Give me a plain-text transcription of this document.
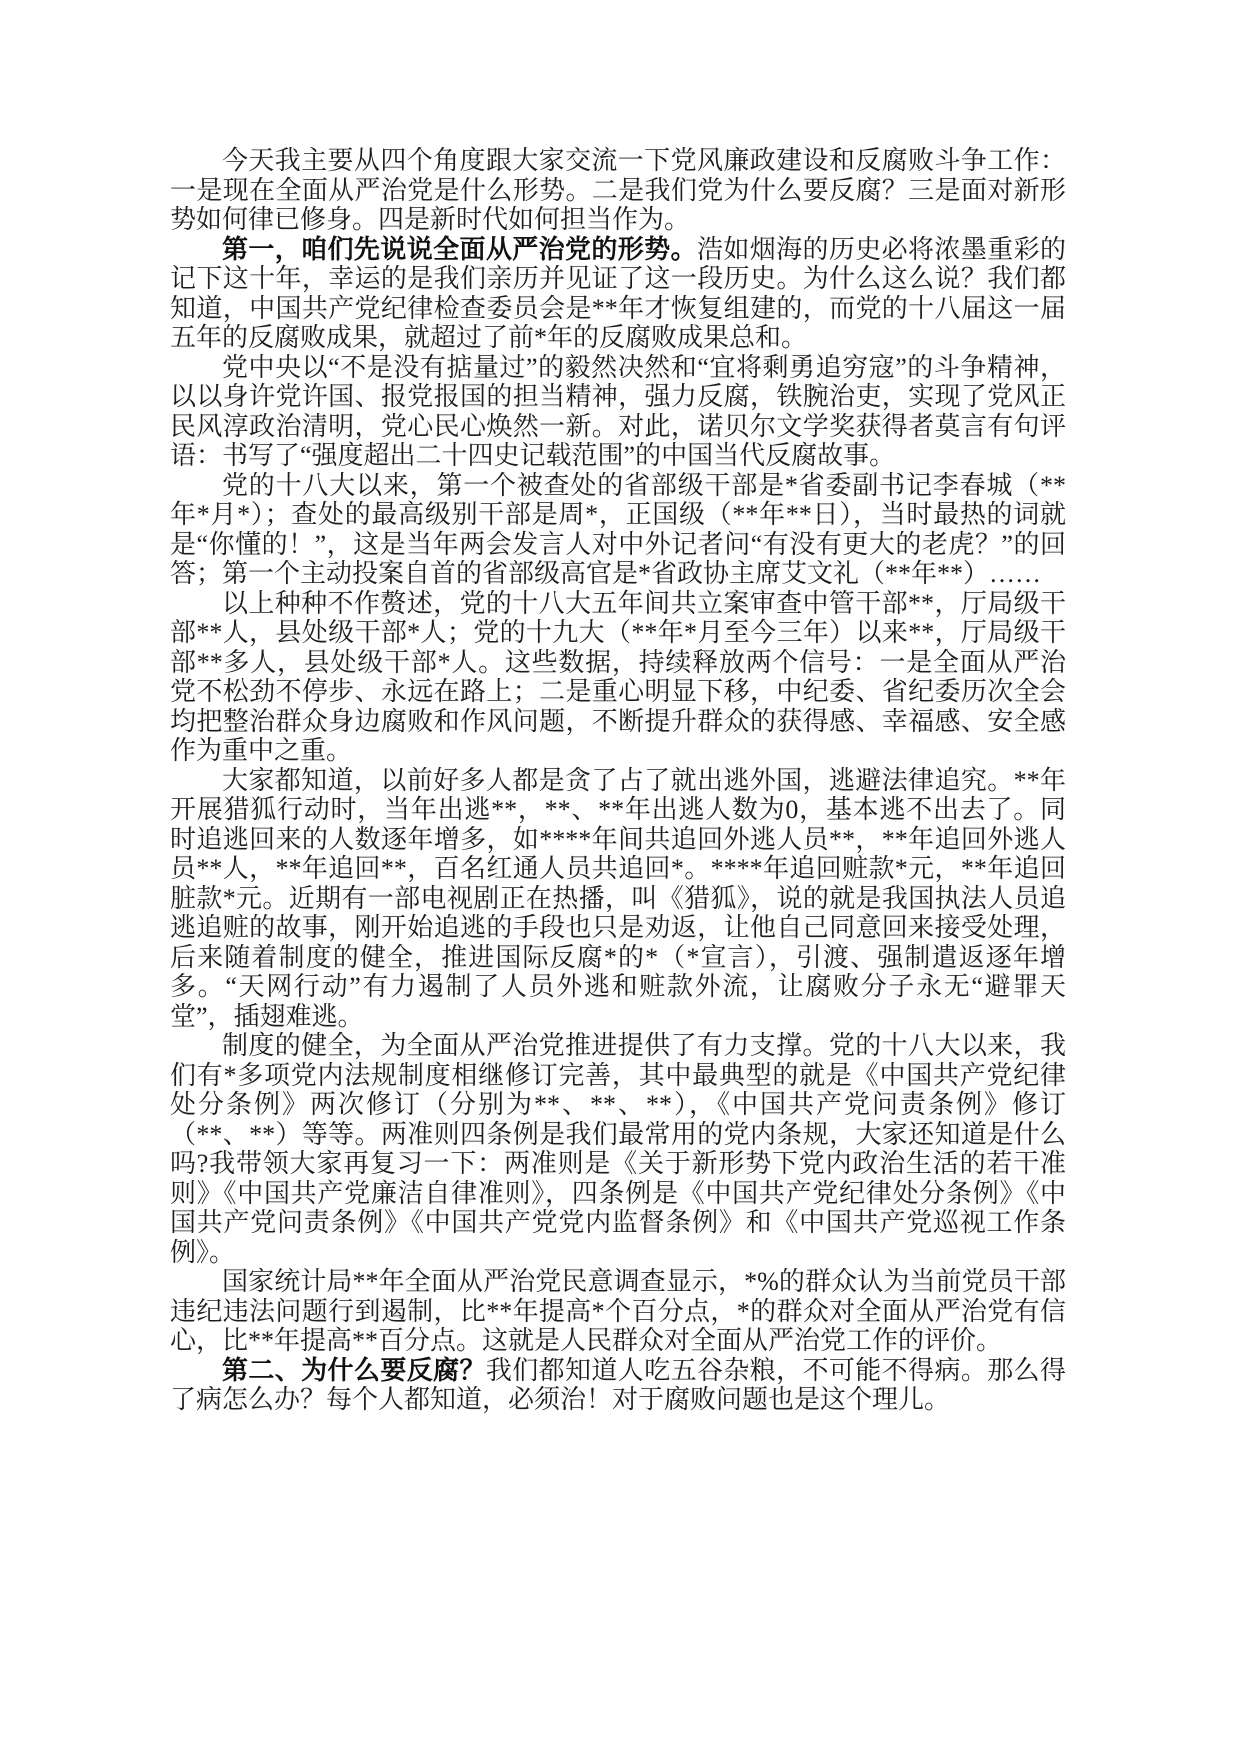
今天我主要从四个角度跟大家交流一下党风廉政建设和反腐败斗争工作：一是现在全面从严治党是什么形势。二是我们党为什么要反腐？三是面对新形势如何律已修身。四是新时代如何担当作为。

第一，咱们先说说全面从严治党的形势。浩如烟海的历史必将浓墨重彩的记下这十年，幸运的是我们亲历并见证了这一段历史。为什么这么说？我们都知道，中国共产党纪律检查委员会是**年才恢复组建的，而党的十八届这一届五年的反腐败成果，就超过了前*年的反腐败成果总和。

党中央以“不是没有掂量过”的毅然决然和“宜将剩勇追穷寇”的斗争精神，以以身许党许国、报党报国的担当精神，强力反腐，铁腕治吏，实现了党风正民风淳政治清明，党心民心焕然一新。对此，诺贝尔文学奖获得者莫言有句评语：书写了“强度超出二十四史记载范围”的中国当代反腐故事。

党的十八大以来，第一个被查处的省部级干部是*省委副书记李春城（**年*月*）；查处的最高级别干部是周*，正国级（**年**日），当时最热的词就是“你懂的！”，这是当年两会发言人对中外记者问“有没有更大的老虎？”的回答；第一个主动投案自首的省部级高官是*省政协主席艾文礼（**年**）……

以上种种不作赘述，党的十八大五年间共立案审查中管干部**，厅局级干部**人，县处级干部*人；党的十九大（**年*月至今三年）以来**，厅局级干部**多人，县处级干部*人。这些数据，持续释放两个信号：一是全面从严治党不松劲不停步、永远在路上；二是重心明显下移，中纪委、省纪委历次全会均把整治群众身边腐败和作风问题，不断提升群众的获得感、幸福感、安全感作为重中之重。

大家都知道，以前好多人都是贪了占了就出逃外国，逃避法律追究。**年开展猎狐行动时，当年出逃**，**、**年出逃人数为0，基本逃不出去了。同时追逃回来的人数逐年增多，如****年间共追回外逃人员**，**年追回外逃人员**人，**年追回**，百名红通人员共追回*。****年追回赃款*元，**年追回脏款*元。近期有一部电视剧正在热播，叫《猎狐》，说的就是我国执法人员追逃追赃的故事，刚开始追逃的手段也只是劝返，让他自己同意回来接受处理，后来随着制度的健全，推进国际反腐*的*（*宣言），引渡、强制遣返逐年增多。“天网行动”有力遏制了人员外逃和赃款外流，让腐败分子永无“避罪天堂”，插翅难逃。

制度的健全，为全面从严治党推进提供了有力支撑。党的十八大以来，我们有*多项党内法规制度相继修订完善，其中最典型的就是《中国共产党纪律处分条例》两次修订（分别为**、**、**），《中国共产党问责条例》修订（**、**）等等。两准则四条例是我们最常用的党内条规，大家还知道是什么吗?我带领大家再复习一下：两准则是《关于新形势下党内政治生活的若干准则》《中国共产党廉洁自律准则》，四条例是《中国共产党纪律处分条例》《中国共产党问责条例》《中国共产党党内监督条例》和《中国共产党巡视工作条例》。

国家统计局**年全面从严治党民意调查显示，*%的群众认为当前党员干部违纪违法问题行到遏制，比**年提高*个百分点，*的群众对全面从严治党有信心，比**年提高**百分点。这就是人民群众对全面从严治党工作的评价。

第二、为什么要反腐？我们都知道人吃五谷杂粮，不可能不得病。那么得了病怎么办？每个人都知道，必须治！对于腐败问题也是这个理儿。
